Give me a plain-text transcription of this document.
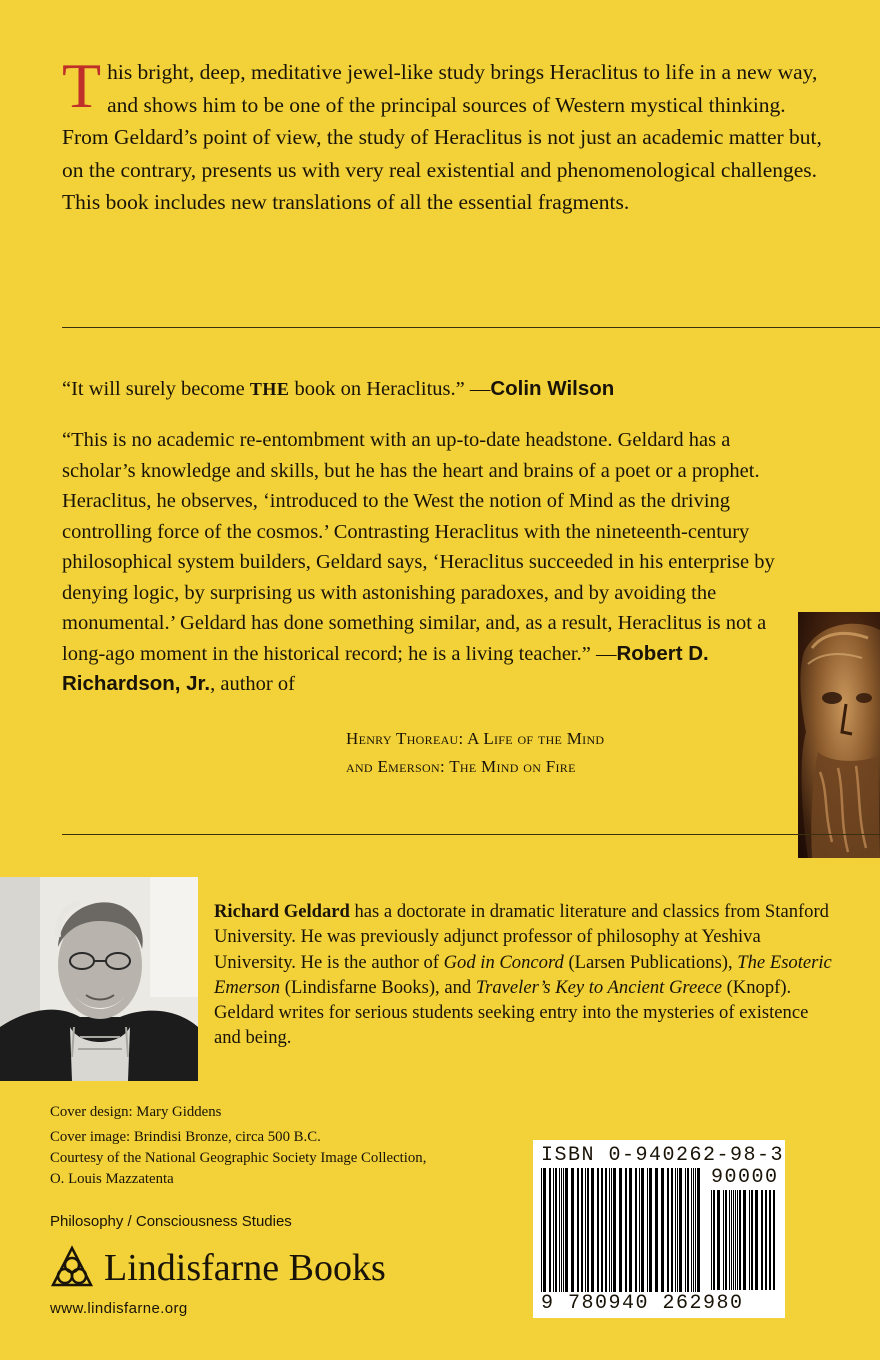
This bright, deep, meditative jewel-like study brings Heraclitus to life in a new way, and shows him to be one of the principal sources of Western mystical thinking. From Geldard’s point of view, the study of Heraclitus is not just an academic matter but, on the contrary, presents us with very real existential and phenomenological challenges. This book includes new translations of all the essential fragments.
“It will surely become THE book on Heraclitus.” —Colin Wilson
“This is no academic re-entombment with an up-to-date headstone. Geldard has a scholar’s knowledge and skills, but he has the heart and brains of a poet or a prophet. Heraclitus, he observes, ‘introduced to the West the notion of Mind as the driving controlling force of the cosmos.’ Contrasting Heraclitus with the nineteenth-century philosophical system builders, Geldard says, ‘Heraclitus succeeded in his enterprise by denying logic, by surprising us with astonishing paradoxes, and by avoiding the monumental.’ Geldard has done something similar, and, as a result, Heraclitus is not a long-ago moment in the historical record; he is a living teacher.” —Robert D. Richardson, Jr., author of
Henry Thoreau: A Life of the Mind
and Emerson: The Mind on Fire
Richard Geldard has a doctorate in dramatic literature and classics from Stanford University. He was previously adjunct professor of philosophy at Yeshiva University. He is the author of God in Concord (Larsen Publications), The Esoteric Emerson (Lindisfarne Books), and Traveler’s Key to Ancient Greece (Knopf). Geldard writes for serious students seeking entry into the mysteries of existence and being.
Cover design: Mary Giddens
Cover image: Brindisi Bronze, circa 500 B.C.
Courtesy of the National Geographic Society Image Collection,
O. Louis Mazzatenta
Philosophy / Consciousness Studies
Lindisfarne Books
www.lindisfarne.org
ISBN 0-940262-98-3
90000
9 780940 262980
